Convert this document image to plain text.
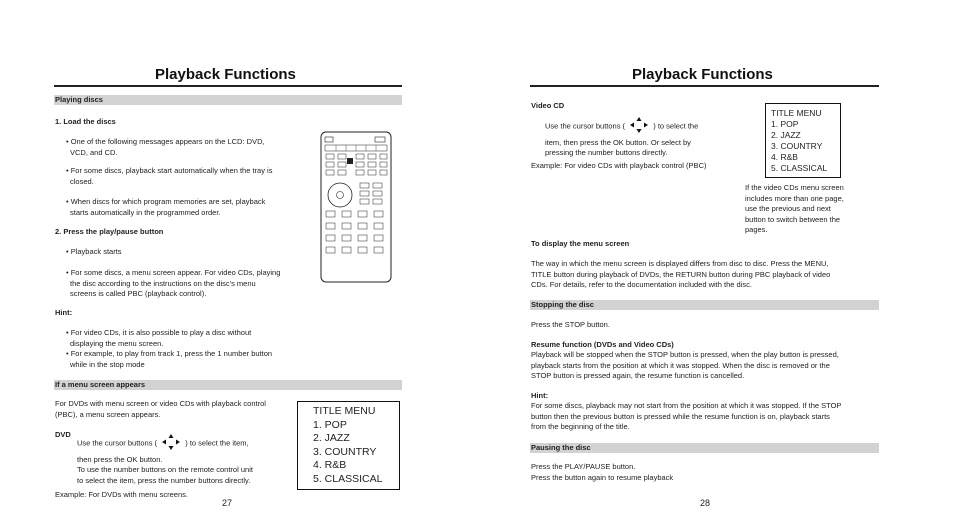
Playback Functions
Playing discs
1. Load the discs
• One of the following messages appears on the LCD: DVD,
VCD, and CD.
• For some discs, playback start automatically when the tray is
closed.
• When discs for which program memories are set, playback
starts automatically in the programmed order.
2. Press the play/pause button
• Playback starts
• For some discs, a menu screen appear. For video CDs, playing
the disc according to the instructions on the disc's menu
screens is called PBC (playback control).
Hint:
• For video CDs, it is also possible to play a disc without
displaying the menu screen.
• For example, to play from track 1, press the 1 number button
while in the stop mode
If a menu screen appears
For DVDs with menu screen or video CDs with playback control
(PBC), a menu screen appears.
DVD
Use the cursor buttons (	) to select the item,
then press the OK button.
To use the number buttons on the remote control unit
to select the item, press the number buttons directly.
Example: For DVDs with menu screens.
27
TITLE MENU
1. POP
2. JAZZ
3. COUNTRY
4. R&B
5. CLASSICAL
Playback Functions
Video CD
Use the cursor buttons (	) to select the
item, then press the OK button. Or select by
pressing the number buttons directly.
Example: For video CDs with playback control (PBC)
TITLE MENU
1. POP
2. JAZZ
3. COUNTRY
4. R&B
5. CLASSICAL
If the video CDs menu screen
includes more than one page,
use the previous and next
button to switch between the
pages.
To display the menu screen
The way in which the menu screen is displayed differs from disc to disc. Press the MENU,
TITLE button during playback of DVDs, the RETURN button during PBC playback of video
CDs. For details, refer to the documentation included with the disc.
Stopping the disc
Press the STOP button.
Resume function (DVDs and Video CDs)
Playback will be stopped when the STOP button is pressed, when the play button is pressed,
playback starts from the position at which it was stopped. When the disc is removed or the
STOP button is pressed again, the resume function is cancelled.
Hint:
For some discs, playback may not start from the position at which it was stopped. If the STOP
button then the previous button is pressed while the resume function is on, playback starts
from the beginning of the title.
Pausing the disc
Press the PLAY/PAUSE button.
Press the button again to resume playback
28
